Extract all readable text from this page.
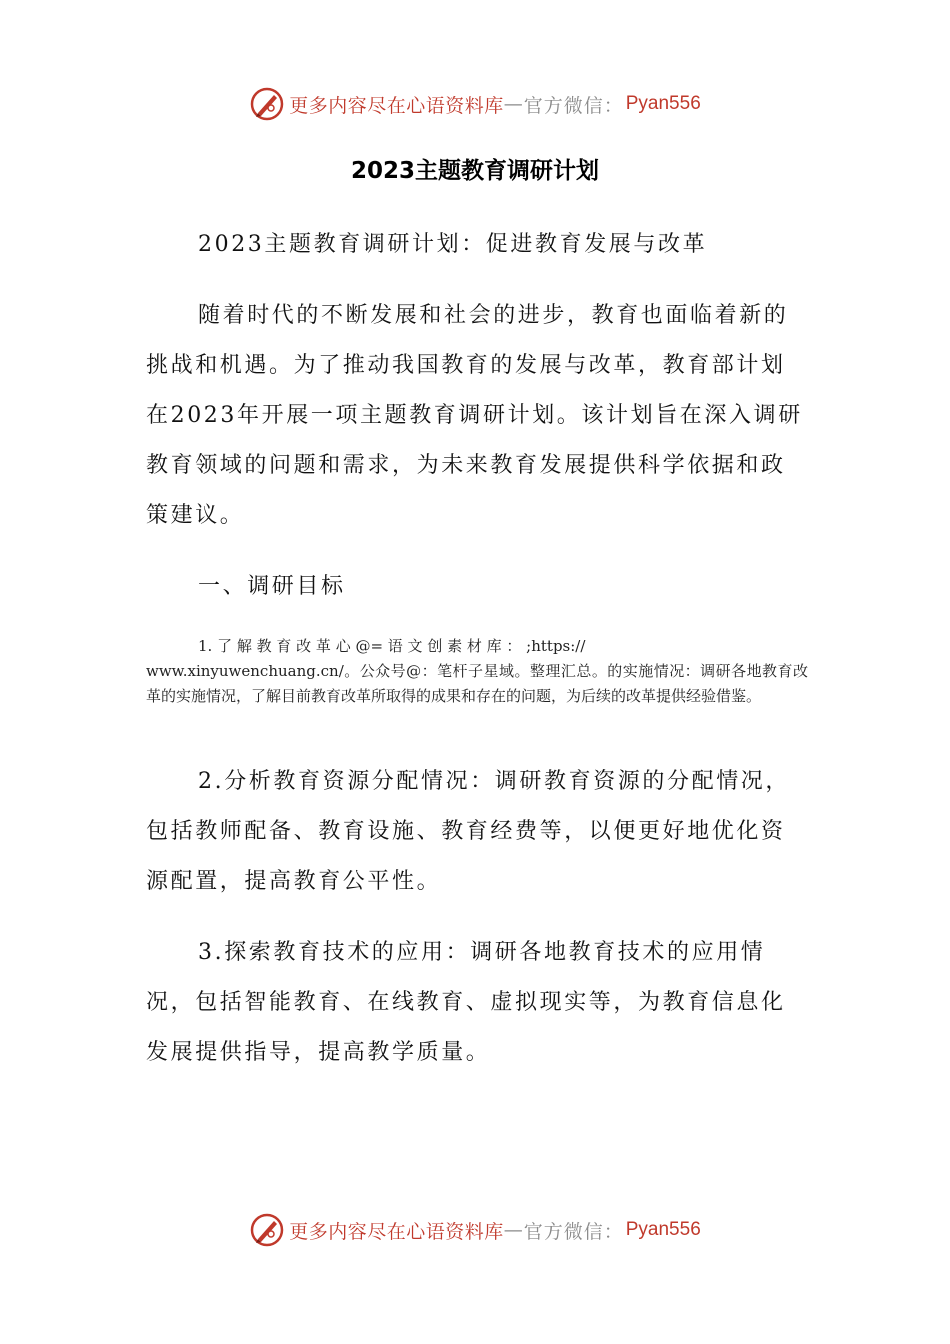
更多内容尽在心语资料库 — 官方微信： Pyan556
2023主题教育调研计划
2023主题教育调研计划：促进教育发展与改革
随着时代的不断发展和社会的进步，教育也面临着新的挑战和机遇。为了推动我国教育的发展与改革，教育部计划在2023年开展一项主题教育调研计划。该计划旨在深入调研教育领域的问题和需求，为未来教育发展提供科学依据和政策建议。
一、调研目标
1. 了 解 教 育 改 革 心 @= 语 文 创 素 材 库 ： ;https://
www.xinyuwenchuang.cn/。公众号@：笔杆子星域。整理汇总。的实施情况：调研各地教育改革的实施情况，了解目前教育改革所取得的成果和存在的问题，为后续的改革提供经验借鉴。
2.分析教育资源分配情况：调研教育资源的分配情况，包括教师配备、教育设施、教育经费等，以便更好地优化资源配置，提高教育公平性。
3.探索教育技术的应用：调研各地教育技术的应用情况，包括智能教育、在线教育、虚拟现实等，为教育信息化发展提供指导，提高教学质量。
更多内容尽在心语资料库 — 官方微信： Pyan556
